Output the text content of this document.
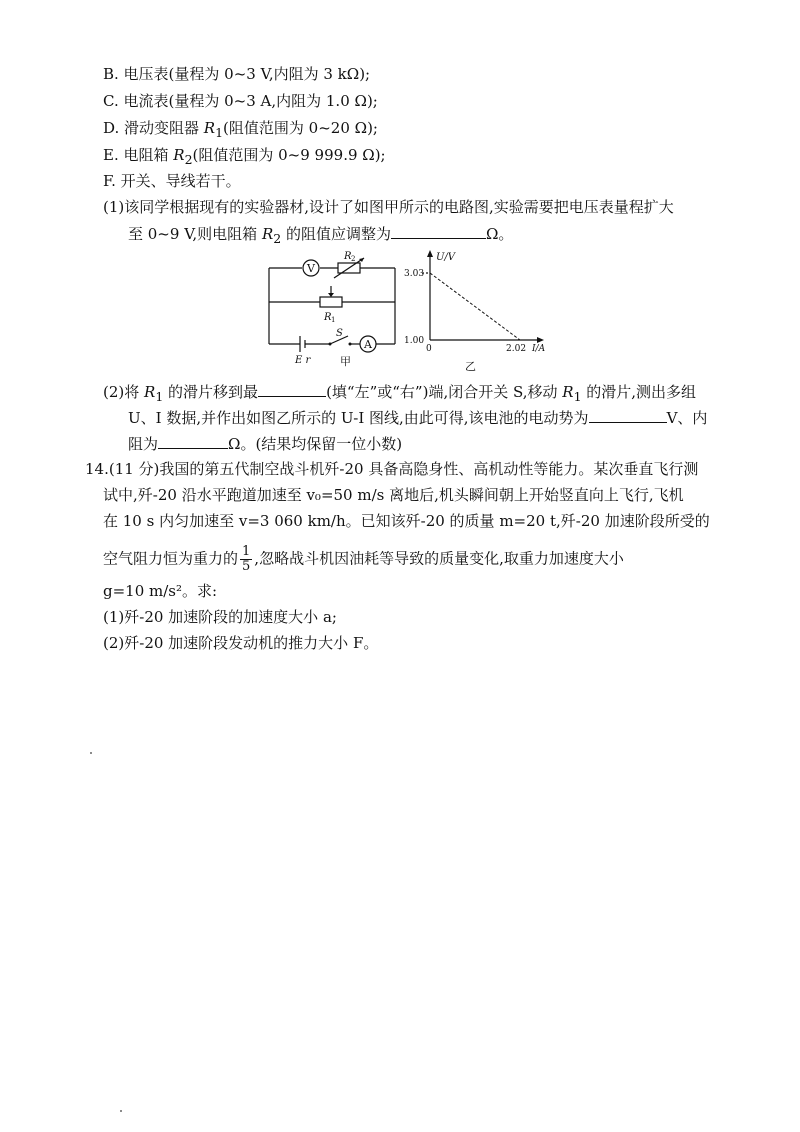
B. 电压表(量程为 0~3 V,内阻为 3 kΩ);
C. 电流表(量程为 0~3 A,内阻为 1.0 Ω);
D. 滑动变阻器 $R_1$(阻值范围为 0~20 Ω);
E. 电阻箱 $R_2$(阻值范围为 0~9 999.9 Ω);
F. 开关、导线若干。
(1)该同学根据现有的实验器材,设计了如图甲所示的电路图,实验需要把电压表量程扩大
至 0~9 V,则电阻箱 $R_2$ 的阻值应调整为	Ω。
V
A
R 2
R 1
S
E r	甲
U/V
3.03
1.00
0	2.02 I/A
乙
(2)将 $R_1$ 的滑片移到最	(填“左”或“右”)端,闭合开关 S,移动 $R_1$ 的滑片,测出多组
U、I 数据,并作出如图乙所示的 U-I 图线,由此可得,该电池的电动势为	V、内
阻为	Ω。(结果均保留一位小数)
14.(11 分)我国的第五代制空战斗机歼-20 具备高隐身性、高机动性等能力。某次垂直飞行测
试中,歼-20 沿水平跑道加速至 v₀=50 m/s 离地后,机头瞬间朝上开始竖直向上飞行,飞机
在 10 s 内匀加速至 v=3 060 km/h。已知该歼-20 的质量 m=20 t,歼-20 加速阶段所受的
空气阻力恒为重力的 $\frac{1}{5}$ ,忽略战斗机因油耗等导致的质量变化,取重力加速度大小
g=10 m/s²。求:
(1)歼-20 加速阶段的加速度大小 a;
(2)歼-20 加速阶段发动机的推力大小 F。
